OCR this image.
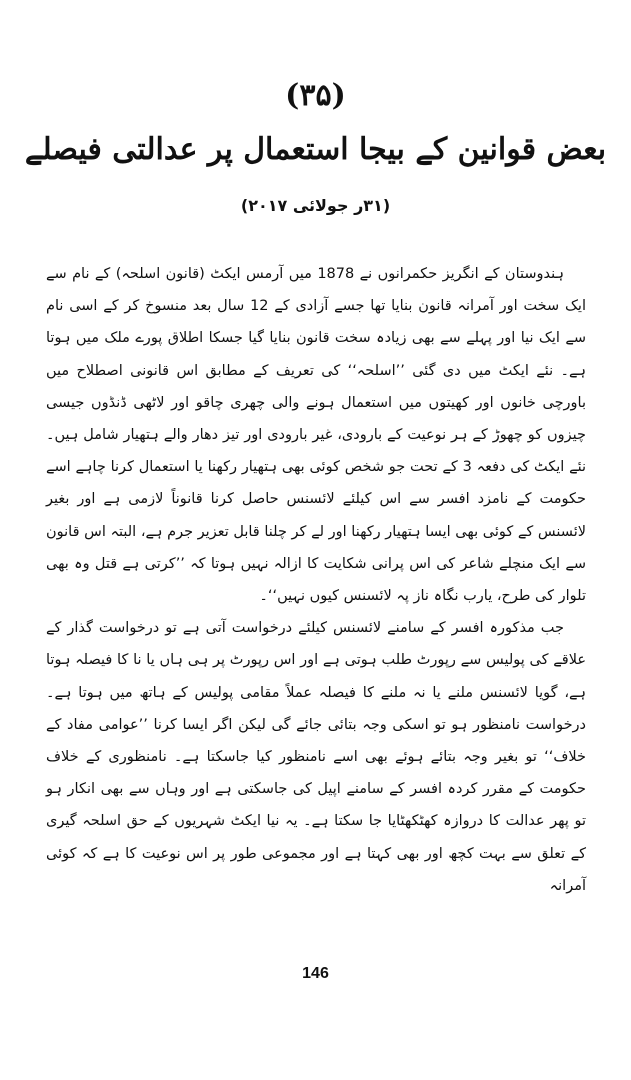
(۳۵)
بعض قوانین کے بیجا استعمال پر عدالتی فیصلے
(۳۱ر جولائی ۲۰۱۷)

ہندوستان کے انگریز حکمرانوں نے 1878 میں آرمس ایکٹ (قانون اسلحہ) کے نام سے ایک سخت اور آمرانہ قانون بنایا تھا جسے آزادی کے 12 سال بعد منسوخ کر کے اسی نام سے ایک نیا اور پہلے سے بھی زیادہ سخت قانون بنایا گیا جسکا اطلاق پورے ملک میں ہوتا ہے۔ نئے ایکٹ میں دی گئی ’’اسلحہ‘‘ کی تعریف کے مطابق اس قانونی اصطلاح میں باورچی خانوں اور کھیتوں میں استعمال ہونے والی چھری چاقو اور لاٹھی ڈنڈوں جیسی چیزوں کو چھوڑ کے ہر نوعیت کے بارودی، غیر بارودی اور تیز دھار والے ہتھیار شامل ہیں۔ نئے ایکٹ کی دفعہ 3 کے تحت جو شخص کوئی بھی ہتھیار رکھنا یا استعمال کرنا چاہے اسے حکومت کے نامزد افسر سے اس کیلئے لائسنس حاصل کرنا قانوناً لازمی ہے اور بغیر لائسنس کے کوئی بھی ایسا ہتھیار رکھنا اور لے کر چلنا قابل تعزیر جرم ہے، البتہ اس قانون سے ایک منچلے شاعر کی اس پرانی شکایت کا ازالہ نہیں ہوتا کہ ’’کرتی ہے قتل وہ بھی تلوار کی طرح، یارب نگاہ ناز پہ لائسنس کیوں نہیں‘‘۔

جب مذکورہ افسر کے سامنے لائسنس کیلئے درخواست آتی ہے تو درخواست گذار کے علاقے کی پولیس سے رپورٹ طلب ہوتی ہے اور اس رپورٹ پر ہی ہاں یا نا کا فیصلہ ہوتا ہے، گویا لائسنس ملنے یا نہ ملنے کا فیصلہ عملاً مقامی پولیس کے ہاتھ میں ہوتا ہے۔ درخواست نامنظور ہو تو اسکی وجہ بتائی جائے گی لیکن اگر ایسا کرنا ’’عوامی مفاد کے خلاف‘‘ تو بغیر وجہ بتائے ہوئے بھی اسے نامنظور کیا جاسکتا ہے۔ نامنظوری کے خلاف حکومت کے مقرر کردہ افسر کے سامنے اپیل کی جاسکتی ہے اور وہاں سے بھی انکار ہو تو پھر عدالت کا دروازہ کھٹکھٹایا جا سکتا ہے۔ یہ نیا ایکٹ شہریوں کے حق اسلحہ گیری کے تعلق سے بہت کچھ اور بھی کہتا ہے اور مجموعی طور پر اس نوعیت کا ہے کہ کوئی آمرانہ

146
